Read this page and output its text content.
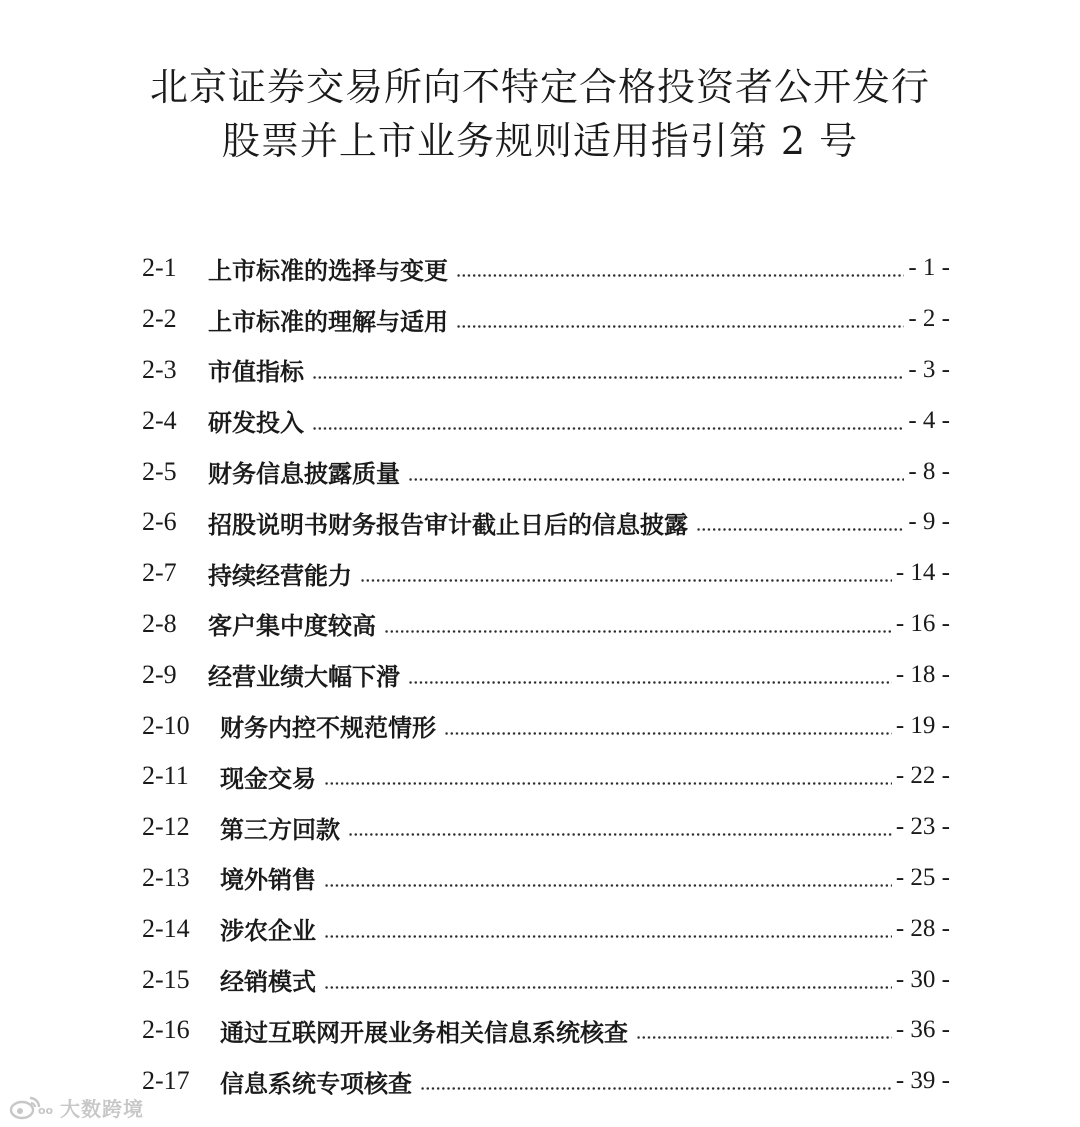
北京证券交易所向不特定合格投资者公开发行
股票并上市业务规则适用指引第 2 号
2-1	上市标准的选择与变更	- 1 -
2-2	上市标准的理解与适用	- 2 -
2-3	市值指标	- 3 -
2-4	研发投入	- 4 -
2-5	财务信息披露质量	- 8 -
2-6	招股说明书财务报告审计截止日后的信息披露	- 9 -
2-7	持续经营能力	- 14 -
2-8	客户集中度较高	- 16 -
2-9	经营业绩大幅下滑	- 18 -
2-10	财务内控不规范情形	- 19 -
2-11	现金交易	- 22 -
2-12	第三方回款	- 23 -
2-13	境外销售	- 25 -
2-14	涉农企业	- 28 -
2-15	经销模式	- 30 -
2-16	通过互联网开展业务相关信息系统核查	- 36 -
2-17	信息系统专项核查	- 39 -
oo 大数跨境
